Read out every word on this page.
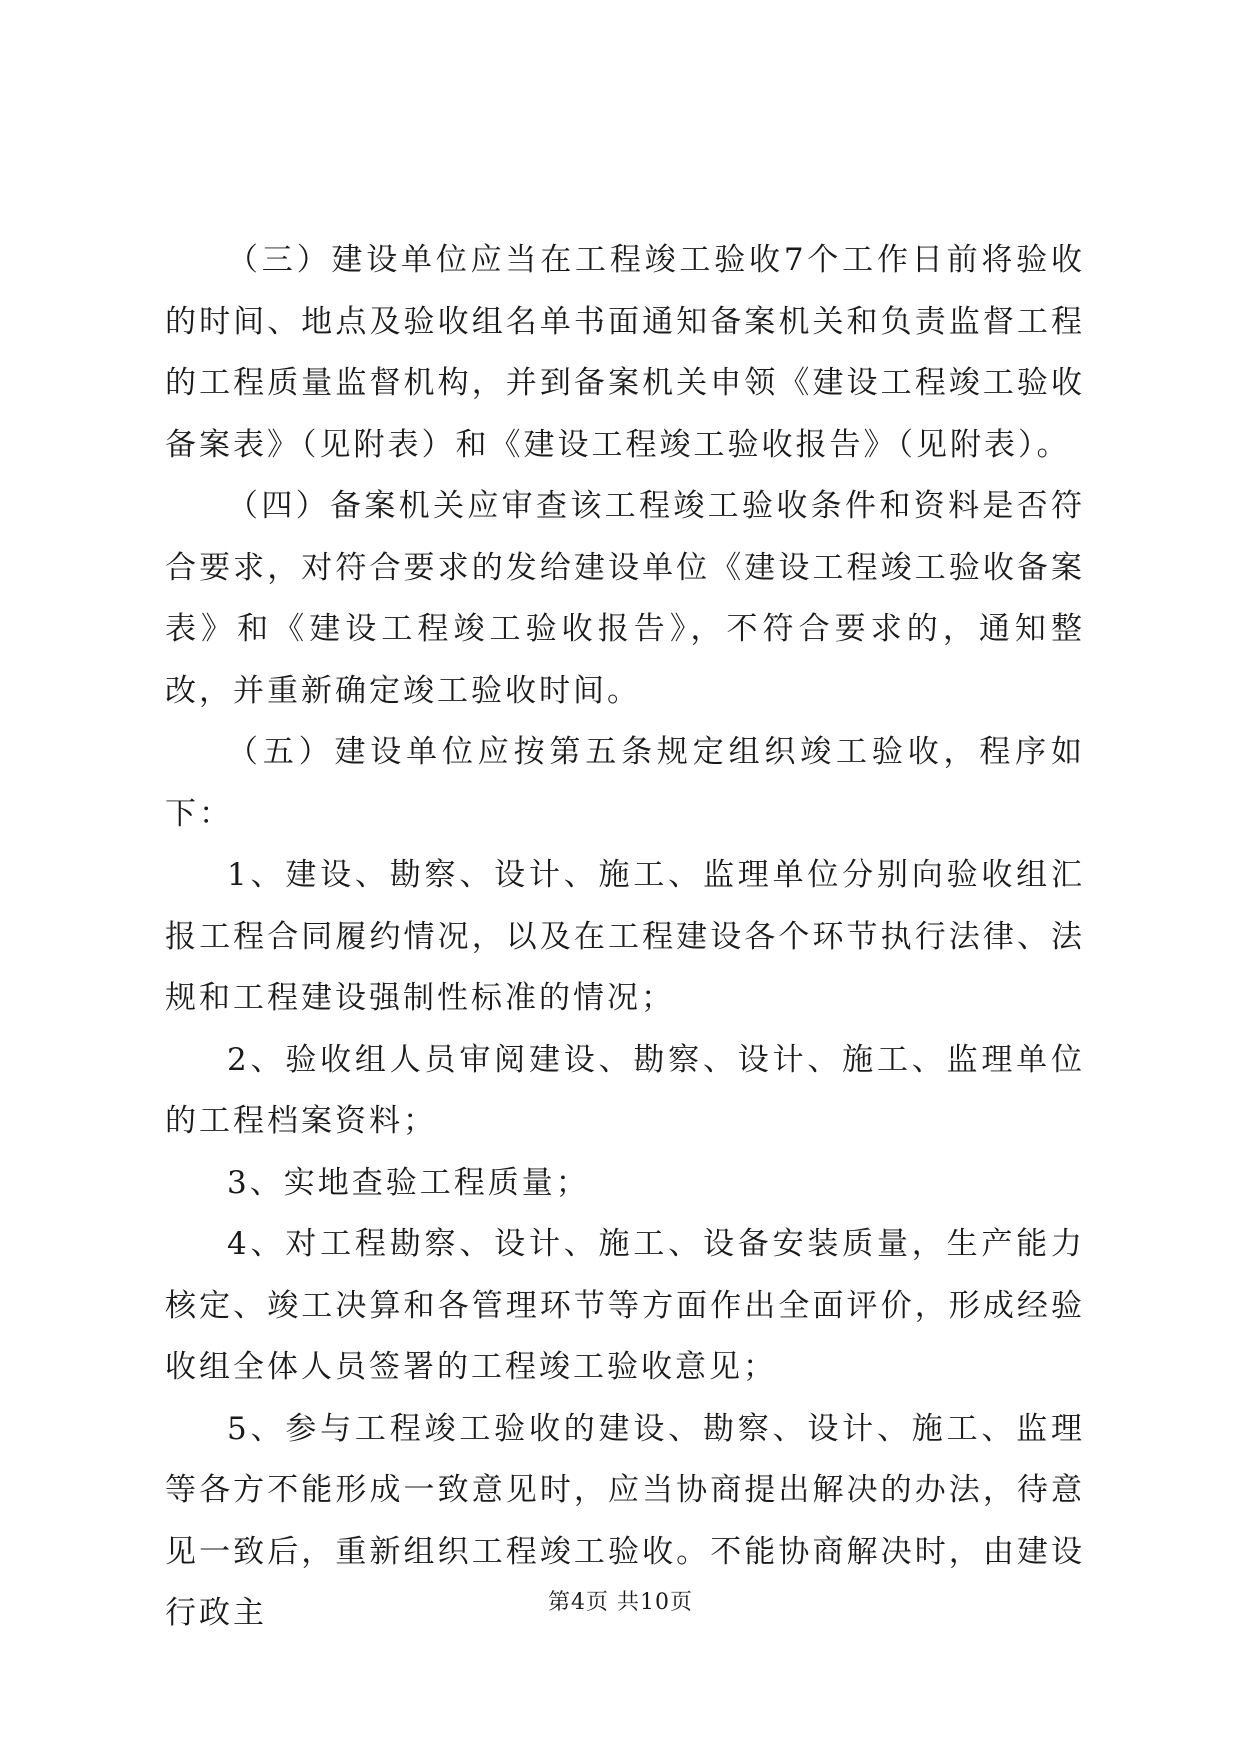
（三）建设单位应当在工程竣工验收7个工作日前将验收的时间、地点及验收组名单书面通知备案机关和负责监督工程的工程质量监督机构，并到备案机关申领《建设工程竣工验收备案表》（见附表）和《建设工程竣工验收报告》（见附表）。

（四）备案机关应审查该工程竣工验收条件和资料是否符合要求，对符合要求的发给建设单位《建设工程竣工验收备案表》和《建设工程竣工验收报告》，不符合要求的，通知整改，并重新确定竣工验收时间。

（五）建设单位应按第五条规定组织竣工验收，程序如下：

1、建设、勘察、设计、施工、监理单位分别向验收组汇报工程合同履约情况，以及在工程建设各个环节执行法律、法规和工程建设强制性标准的情况；

2、验收组人员审阅建设、勘察、设计、施工、监理单位的工程档案资料；

3、实地查验工程质量；

4、对工程勘察、设计、施工、设备安装质量，生产能力核定、竣工决算和各管理环节等方面作出全面评价，形成经验收组全体人员签署的工程竣工验收意见；

5、参与工程竣工验收的建设、勘察、设计、施工、监理等各方不能形成一致意见时，应当协商提出解决的办法，待意见一致后，重新组织工程竣工验收。不能协商解决时，由建设行政主	第4页 共10页
